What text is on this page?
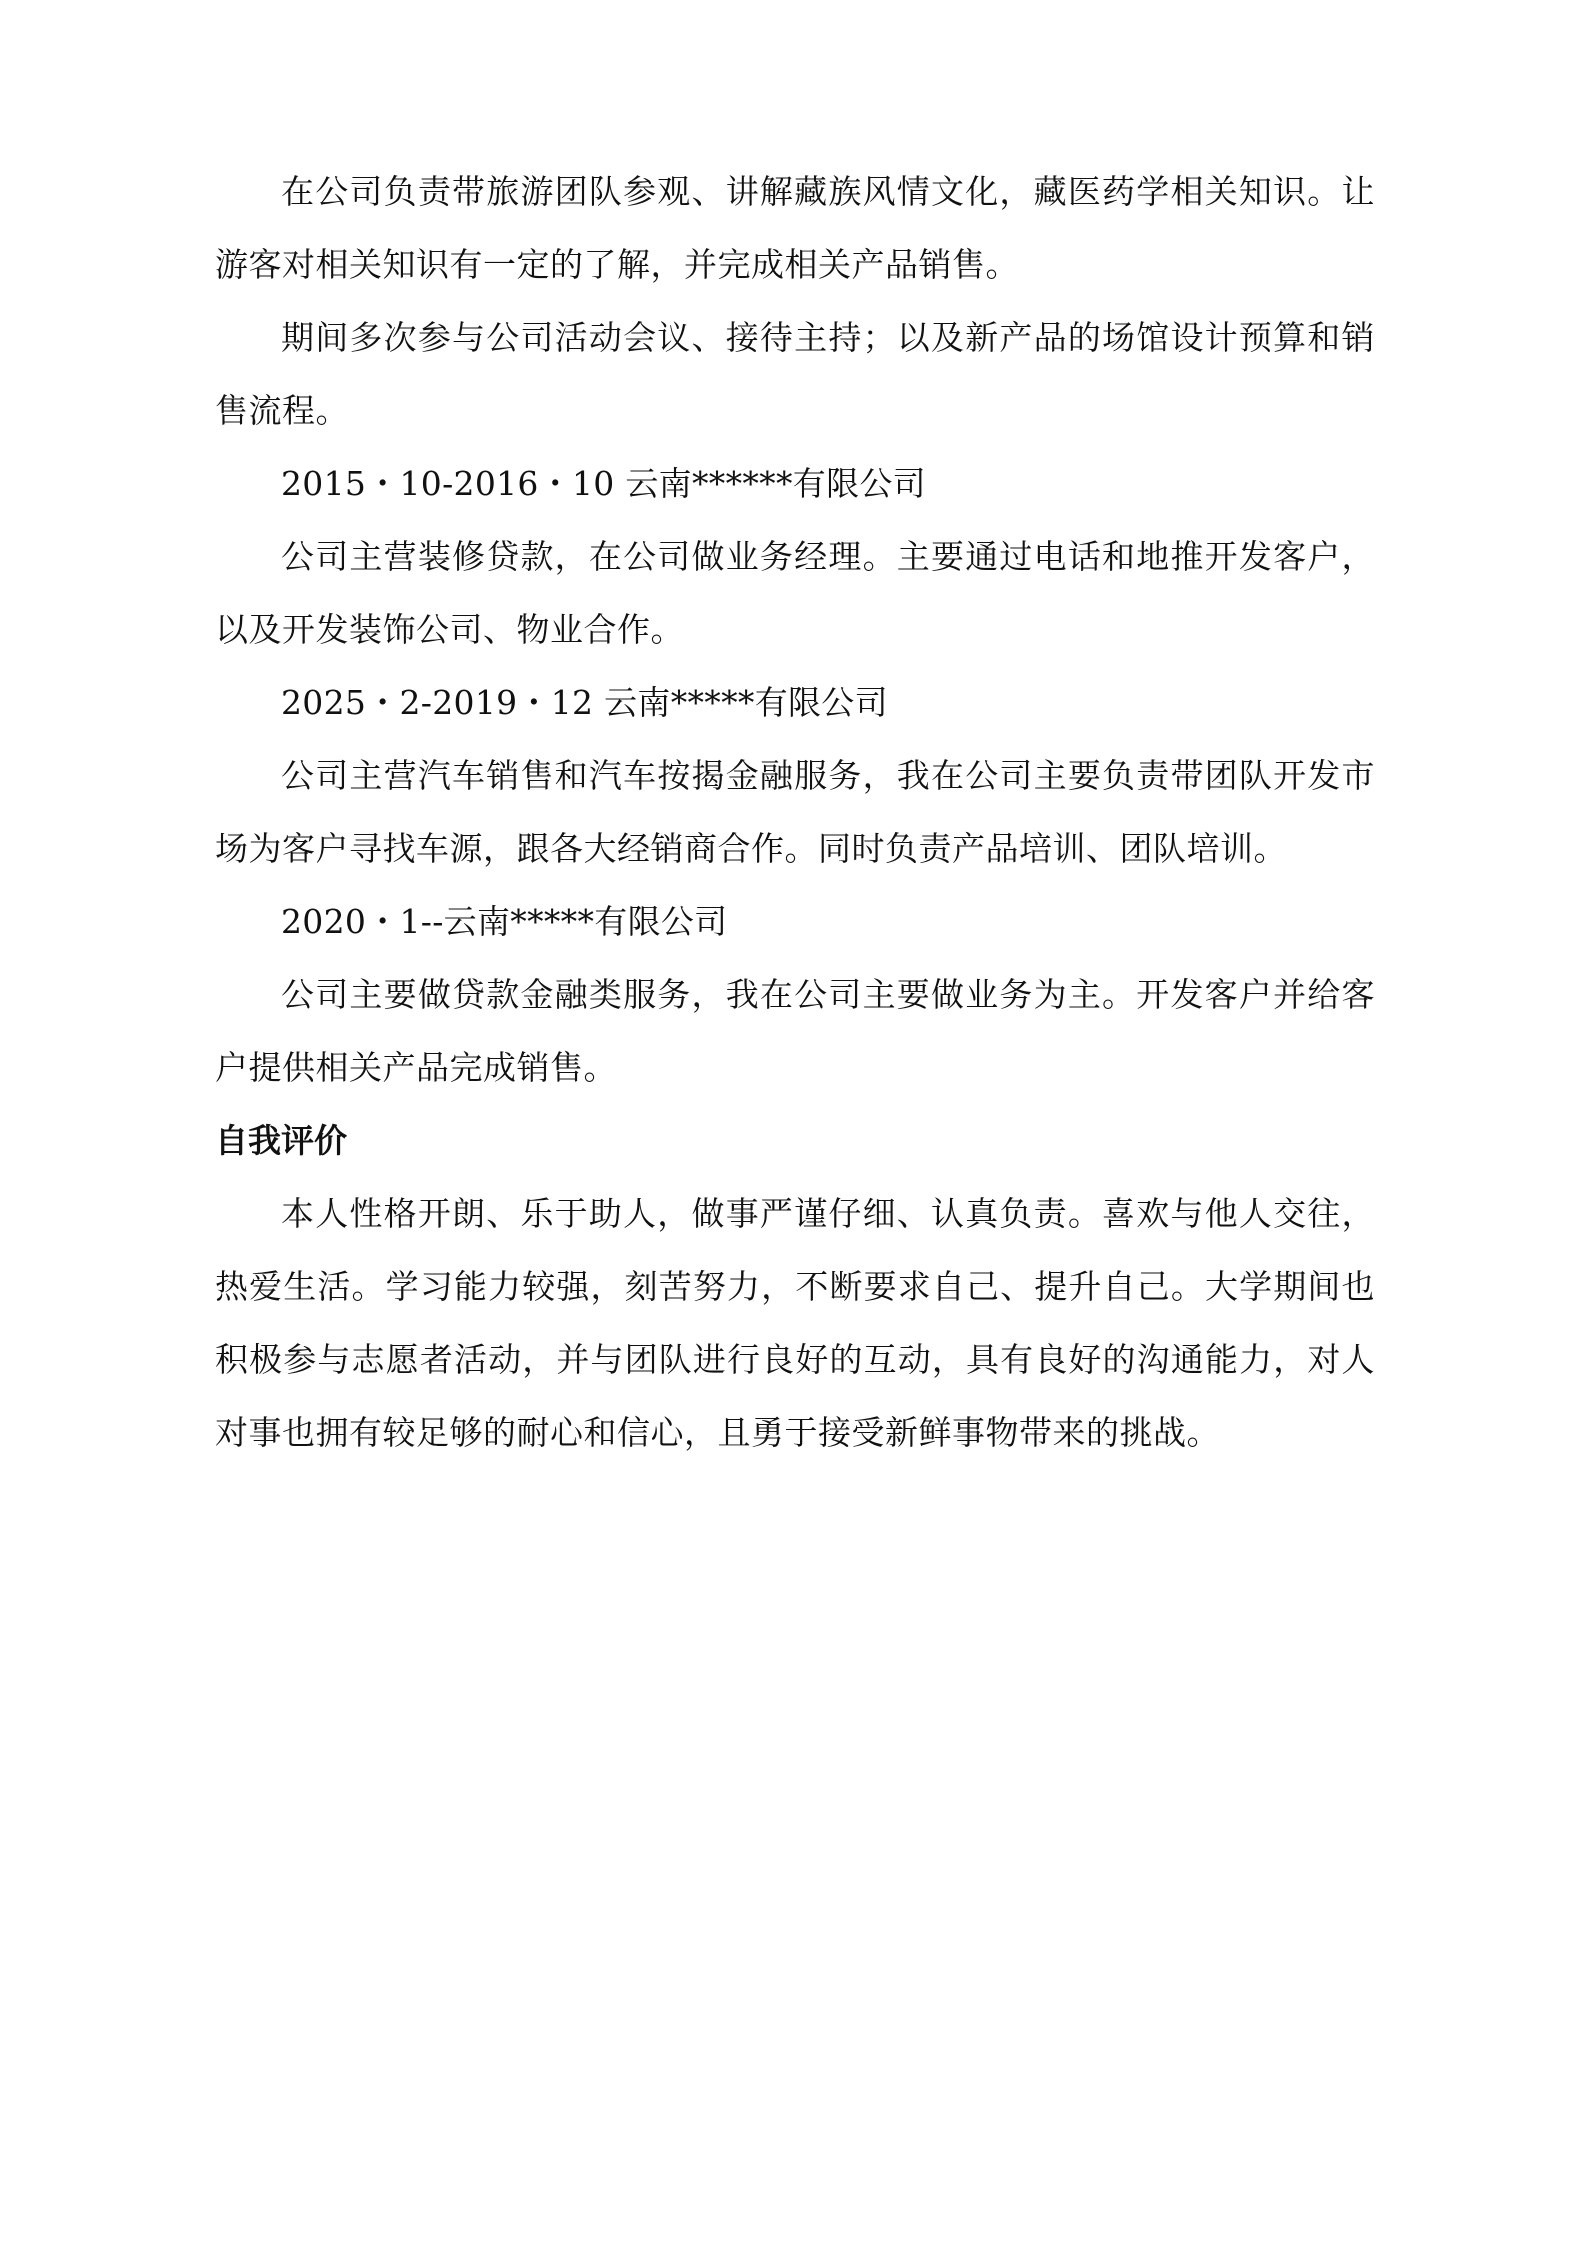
在公司负责带旅游团队参观、讲解藏族风情文化，藏医药学相关知识。让游客对相关知识有一定的了解，并完成相关产品销售。

期间多次参与公司活动会议、接待主持；以及新产品的场馆设计预算和销售流程。

2015・10-2016・10 云南******有限公司

公司主营装修贷款，在公司做业务经理。主要通过电话和地推开发客户，以及开发装饰公司、物业合作。

2025・2-2019・12 云南*****有限公司

公司主营汽车销售和汽车按揭金融服务，我在公司主要负责带团队开发市场为客户寻找车源，跟各大经销商合作。同时负责产品培训、团队培训。

2020・1--云南*****有限公司

公司主要做贷款金融类服务，我在公司主要做业务为主。开发客户并给客户提供相关产品完成销售。

自我评价

本人性格开朗、乐于助人，做事严谨仔细、认真负责。喜欢与他人交往，热爱生活。学习能力较强，刻苦努力，不断要求自己、提升自己。大学期间也积极参与志愿者活动，并与团队进行良好的互动，具有良好的沟通能力，对人对事也拥有较足够的耐心和信心，且勇于接受新鲜事物带来的挑战。
